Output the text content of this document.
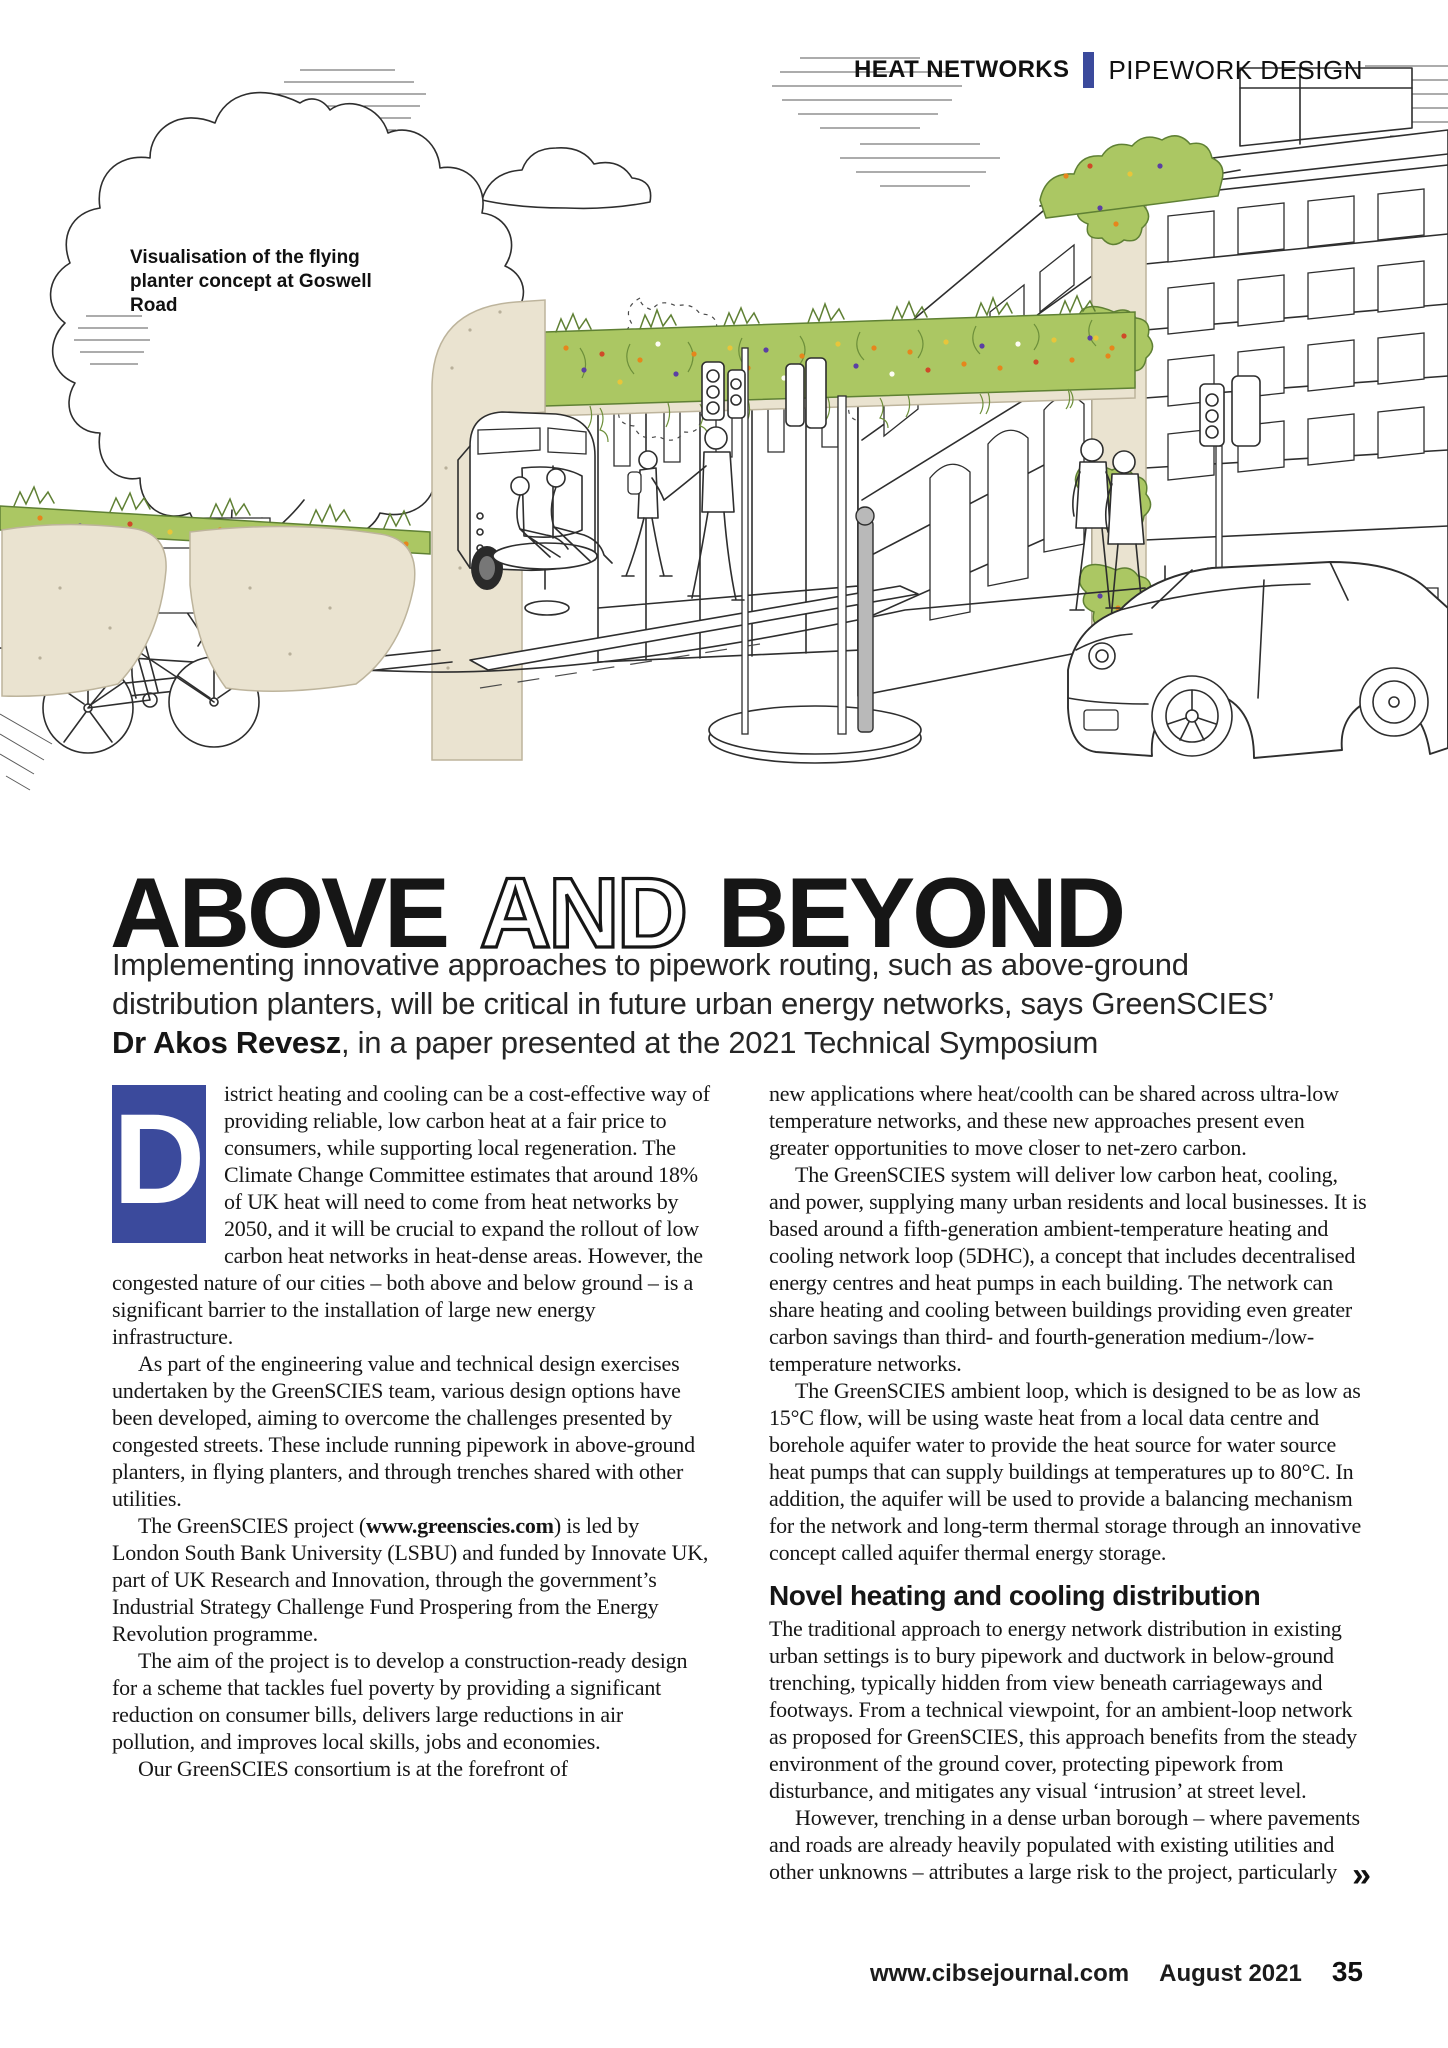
HEAT NETWORKS PIPEWORK DESIGN
Visualisation of the flying planter concept at Goswell Road
ABOVE AND BEYOND

Implementing innovative approaches to pipework routing, such as above-ground distribution planters, will be critical in future urban energy networks, says GreenSCIES’ Dr Akos Revesz, in a paper presented at the 2021 Technical Symposium

D istrict heating and cooling can be a cost-effective way of providing reliable, low carbon heat at a fair price to consumers, while supporting local regeneration. The Climate Change Committee estimates that around 18% of UK heat will need to come from heat networks by 2050, and it will be crucial to expand the rollout of low carbon heat networks in heat-dense areas. However, the congested nature of our cities – both above and below ground – is a significant barrier to the installation of large new energy infrastructure.

As part of the engineering value and technical design exercises undertaken by the GreenSCIES team, various design options have been developed, aiming to overcome the challenges presented by congested streets. These include running pipework in above-ground planters, in flying planters, and through trenches shared with other utilities.

The GreenSCIES project (www.greenscies.com) is led by London South Bank University (LSBU) and funded by Innovate UK, part of UK Research and Innovation, through the government’s Industrial Strategy Challenge Fund Prospering from the Energy Revolution programme.

The aim of the project is to develop a construction-ready design for a scheme that tackles fuel poverty by providing a significant reduction on consumer bills, delivers large reductions in air pollution, and improves local skills, jobs and economies.

Our GreenSCIES consortium is at the forefront of

new applications where heat/coolth can be shared across ultra-low temperature networks, and these new approaches present even greater opportunities to move closer to net-zero carbon.

The GreenSCIES system will deliver low carbon heat, cooling, and power, supplying many urban residents and local businesses. It is based around a fifth-generation ambient-temperature heating and cooling network loop (5DHC), a concept that includes decentralised energy centres and heat pumps in each building. The network can share heating and cooling between buildings providing even greater carbon savings than third- and fourth-generation medium-/low-temperature networks.

The GreenSCIES ambient loop, which is designed to be as low as 15°C flow, will be using waste heat from a local data centre and borehole aquifer water to provide the heat source for water source heat pumps that can supply buildings at temperatures up to 80°C. In addition, the aquifer will be used to provide a balancing mechanism for the network and long-term thermal storage through an innovative concept called aquifer thermal energy storage.

Novel heating and cooling distribution

The traditional approach to energy network distribution in existing urban settings is to bury pipework and ductwork in below-ground trenching, typically hidden from view beneath carriageways and footways. From a technical viewpoint, for an ambient-loop network as proposed for GreenSCIES, this approach benefits from the steady environment of the ground cover, protecting pipework from disturbance, and mitigates any visual ‘intrusion’ at street level.

However, trenching in a dense urban borough – where pavements and roads are already heavily populated with existing utilities and other unknowns – attributes a large risk to the project, particularly »

www.cibsejournal.com August 2021 35
